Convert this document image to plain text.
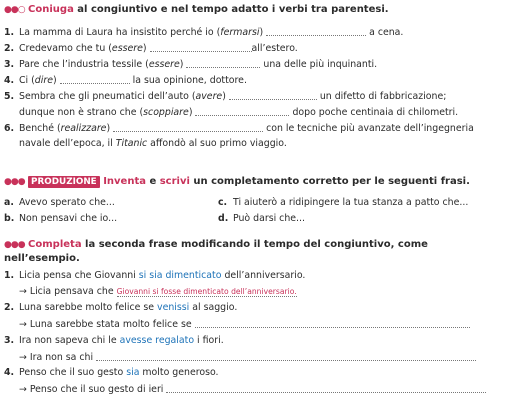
●●○ Coniuga al congiuntivo e nel tempo adatto i verbi tra parentesi.
1. La mamma di Laura ha insistito perché io (fermarsi)	a cena.
2. Credevamo che tu (essere)	all’estero.
3. Pare che l’industria tessile (essere)	una delle più inquinanti.
4. Ci (dire)	la sua opinione, dottore.
5. Sembra che gli pneumatici dell’auto (avere)	un difetto di fabbricazione;
dunque non è strano che (scoppiare)	dopo poche centinaia di chilometri.
6. Benché (realizzare)	con le tecniche più avanzate dell’ingegneria
navale dell’epoca, il Titanic affondò al suo primo viaggio.
●●● PRODUZIONE Inventa e scrivi un completamento corretto per le seguenti frasi.
a. Avevo sperato che...	c. Ti aiuterò a ridipingere la tua stanza a patto che...
b. Non pensavi che io...	d. Può darsi che...
●●● Completa la seconda frase modificando il tempo del congiuntivo, come
nell’esempio.
1. Licia pensa che Giovanni si sia dimenticato dell’anniversario.
→ Licia pensava che Giovanni si fosse dimenticato dell’anniversario.
2. Luna sarebbe molto felice se venissi al saggio.
→ Luna sarebbe stata molto felice se
3. Ira non sapeva chi le avesse regalato i fiori.
→ Ira non sa chi
4. Penso che il suo gesto sia molto generoso.
→ Penso che il suo gesto di ieri
